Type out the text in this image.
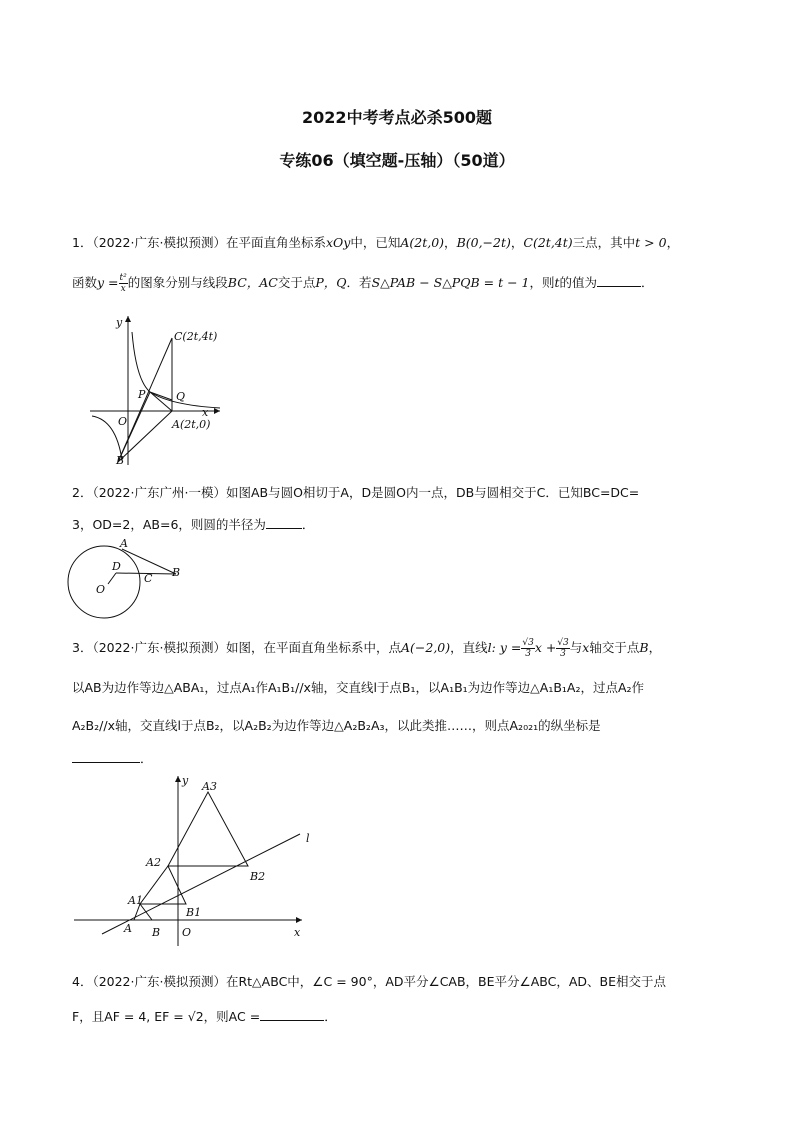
2022中考考点必杀500题
专练06（填空题-压轴）（50道）
1．（2022·广东·模拟预测）在平面直角坐标系xOy中，已知A(2t,0)，B(0,−2t)，C(2t,4t)三点，其中t > 0，
函数$y = \frac{\text{t²}}{x}$ 的图象分别与线段BC，AC交于点P，Q．若S△PAB − S△PQB = t − 1，则t的值为	．
y
C(2t,4t)
Q
P
x
O	A(2t,0)
B
2．（2022·广东广州·一模）如图AB与圆O相切于A，D是圆O内一点，DB与圆相交于C．已知BC=DC=
3，OD=2，AB=6，则圆的半径为	．
A
D
C B
O
3．（2022·广东·模拟预测）如图，在平面直角坐标系中，点A(−2,0)，直线l: $y = \frac{√3}{3}$ $x + \frac{√3}{3}$ 与x轴交于点B，
以AB为边作等边△ABA₁，过点A₁作A₁B₁//x轴，交直线l于点B₁，以A₁B₁为边作等边△A₁B₁A₂，过点A₂作
A₂B₂//x轴，交直线l于点B₂，以A₂B₂为边作等边△A₂B₂A₃，以此类推……，则点A₂₀₂₁的纵坐标是
．
y A3
l
A2
B2
A1
B1
A B O	x
4．（2022·广东·模拟预测）在Rt△ABC中，∠C = 90°，AD平分∠CAB，BE平分∠ABC，AD、BE相交于点
F，且AF = 4, EF = √2，则AC =	．
